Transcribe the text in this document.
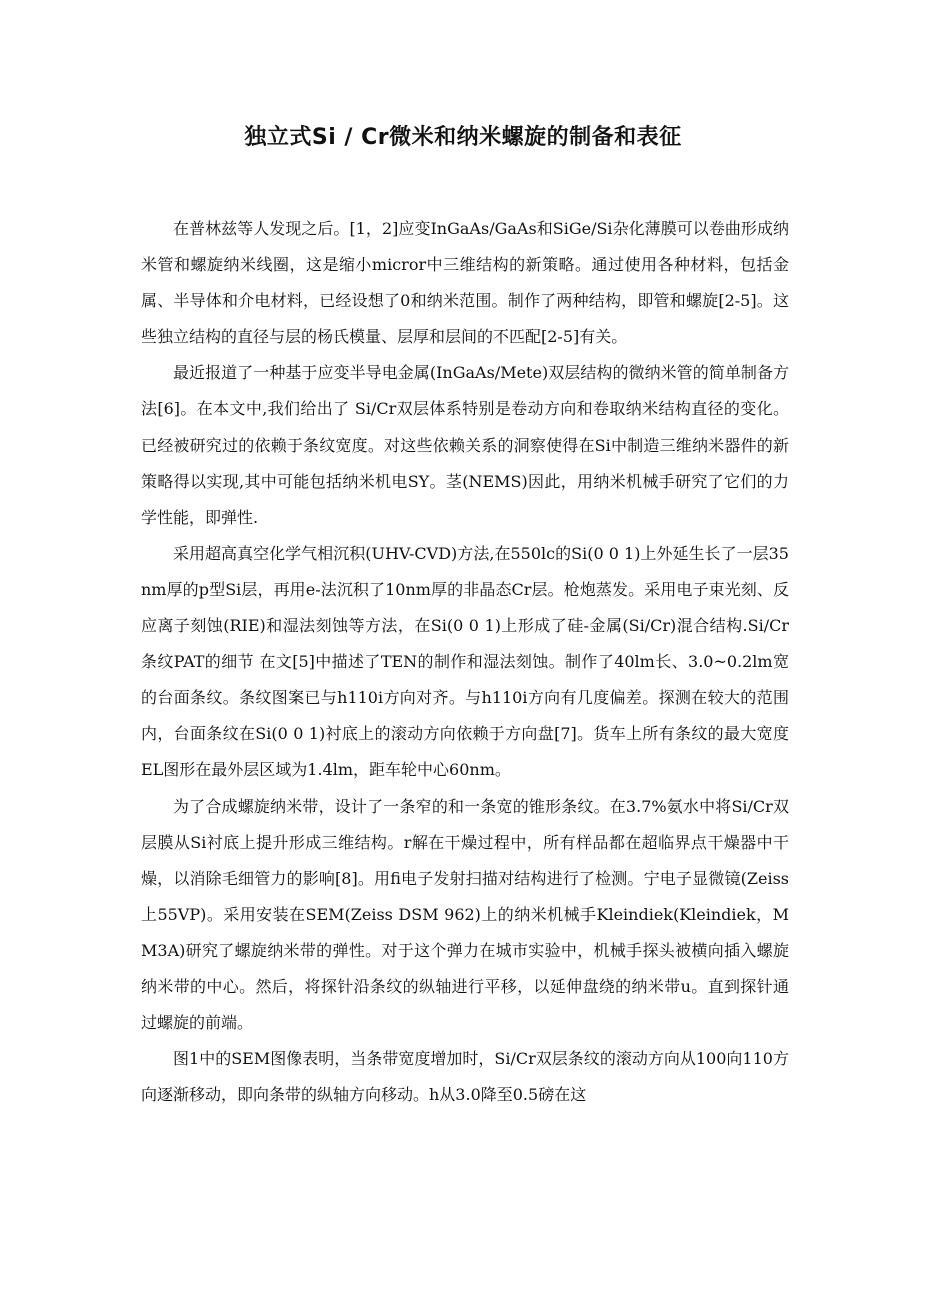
独立式Si / Cr微米和纳米螺旋的制备和表征

在普林兹等人发现之后。[1，2]应变InGaAs/GaAs和SiGe/Si杂化薄膜可以卷曲形成纳米管和螺旋纳米线圈，这是缩小micror中三维结构的新策略。通过使用各种材料，包括金属、半导体和介电材料，已经设想了0和纳米范围。制作了两种结构，即管和螺旋[2-5]。这些独立结构的直径与层的杨氏模量、层厚和层间的不匹配[2-5]有关。

最近报道了一种基于应变半导电金属(InGaAs/Mete)双层结构的微纳米管的简单制备方法[6]。在本文中,我们给出了 Si/Cr双层体系特别是卷动方向和卷取纳米结构直径的变化。已经被研究过的依赖于条纹宽度。对这些依赖关系的洞察使得在Si中制造三维纳米器件的新策略得以实现,其中可能包括纳米机电SY。茎(NEMS)因此，用纳米机械手研究了它们的力学性能，即弹性.

采用超高真空化学气相沉积(UHV-CVD)方法,在550lc的Si(0 0 1)上外延生长了一层35nm厚的p型Si层，再用e-法沉积了10nm厚的非晶态Cr层。枪炮蒸发。采用电子束光刻、反应离子刻蚀(RIE)和湿法刻蚀等方法，在Si(0 0 1)上形成了硅-金属(Si/Cr)混合结构.Si/Cr条纹PAT的细节 在文[5]中描述了TEN的制作和湿法刻蚀。制作了40lm长、3.0~0.2lm宽的台面条纹。条纹图案已与h110i方向对齐。与h110i方向有几度偏差。探测在较大的范围内，台面条纹在Si(0 0 1)衬底上的滚动方向依赖于方向盘[7]。货车上所有条纹的最大宽度 EL图形在最外层区域为1.4lm，距车轮中心60nm。

为了合成螺旋纳米带，设计了一条窄的和一条宽的锥形条纹。在3.7%氨水中将Si/Cr双层膜从Si衬底上提升形成三维结构。r解在干燥过程中，所有样品都在超临界点干燥器中干燥，以消除毛细管力的影响[8]。用fi电子发射扫描对结构进行了检测。宁电子显微镜(Zeiss上55VP)。采用安装在SEM(Zeiss DSM 962)上的纳米机械手Kleindiek(Kleindiek，MM3A)研究了螺旋纳米带的弹性。对于这个弹力在城市实验中，机械手探头被横向插入螺旋纳米带的中心。然后，将探针沿条纹的纵轴进行平移，以延伸盘绕的纳米带u。直到探针通过螺旋的前端。

图1中的SEM图像表明，当条带宽度增加时，Si/Cr双层条纹的滚动方向从100向110方向逐渐移动，即向条带的纵轴方向移动。h从3.0降至0.5磅在这
